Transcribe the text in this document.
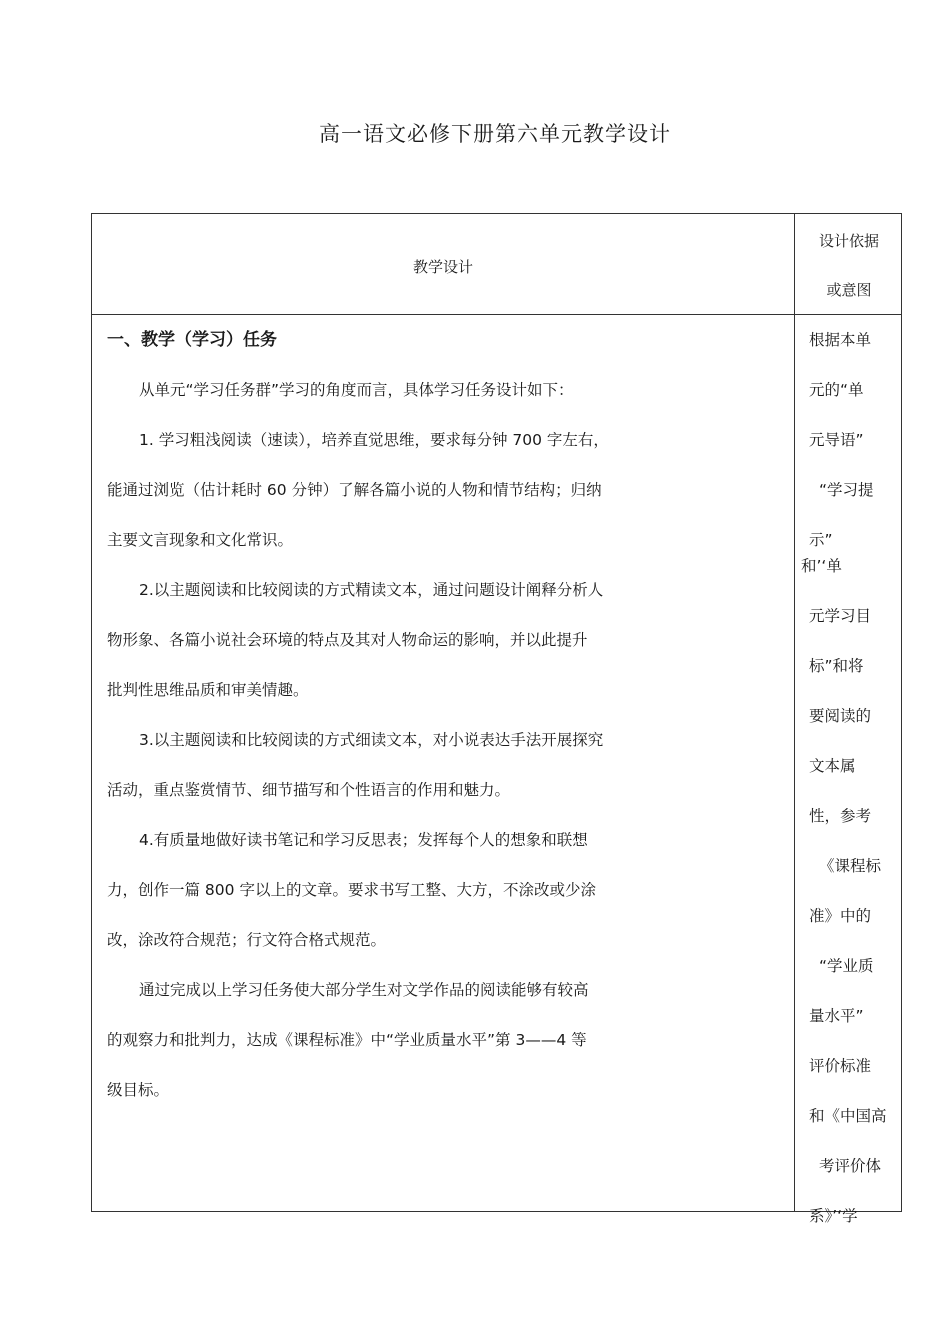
高一语文必修下册第六单元教学设计
教学设计
设计依据
或意图
一、教学（学习）任务
从单元“学习任务群”学习的角度而言，具体学习任务设计如下：
1. 学习粗浅阅读（速读），培养直觉思维，要求每分钟 700 字左右，
能通过浏览（估计耗时 60 分钟）了解各篇小说的人物和情节结构；归纳
主要文言现象和文化常识。
2.以主题阅读和比较阅读的方式精读文本，通过问题设计阐释分析人
物形象、各篇小说社会环境的特点及其对人物命运的影响，并以此提升
批判性思维品质和审美情趣。
3.以主题阅读和比较阅读的方式细读文本，对小说表达手法开展探究
活动，重点鉴赏情节、细节描写和个性语言的作用和魅力。
4.有质量地做好读书笔记和学习反思表；发挥每个人的想象和联想
力，创作一篇 800 字以上的文章。要求书写工整、大方，不涂改或少涂
改，涂改符合规范；行文符合格式规范。
通过完成以上学习任务使大部分学生对文学作品的阅读能够有较高
的观察力和批判力，达成《课程标准》中“学业质量水平”第 3——4 等
级目标。
根据本单
元的“单
元导语”
“学习提
示”
和’‘单
元学习目
标”和将
要阅读的
文本属
性，参考
《课程标
准》中的
“学业质
量水平”
评价标准
和《中国高
考评价体
系》’‘学
